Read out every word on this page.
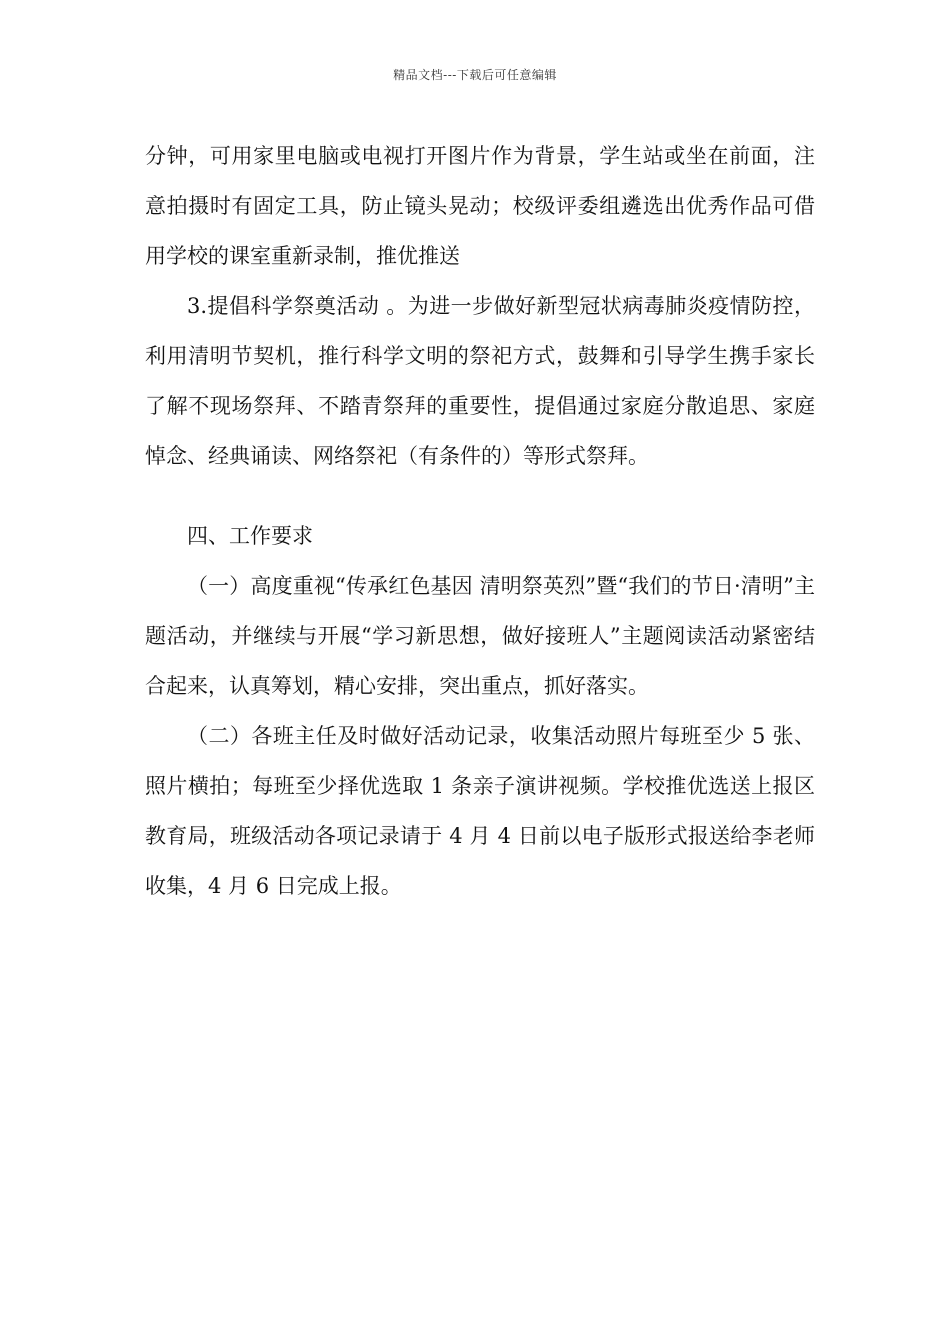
精品文档---下载后可任意编辑

分钟，可用家里电脑或电视打开图片作为背景，学生站或坐在前面，注意拍摄时有固定工具，防止镜头晃动；校级评委组遴选出优秀作品可借用学校的课室重新录制，推优推送

3.提倡科学祭奠活动 。为进一步做好新型冠状病毒肺炎疫情防控，利用清明节契机，推行科学文明的祭祀方式，鼓舞和引导学生携手家长了解不现场祭拜、不踏青祭拜的重要性，提倡通过家庭分散追思、家庭悼念、经典诵读、网络祭祀（有条件的）等形式祭拜。

四、工作要求

（一）高度重视“传承红色基因 清明祭英烈”暨“我们的节日·清明”主题活动，并继续与开展“学习新思想，做好接班人”主题阅读活动紧密结合起来，认真筹划，精心安排，突出重点，抓好落实。

（二）各班主任及时做好活动记录，收集活动照片每班至少 5 张、照片横拍；每班至少择优选取 1 条亲子演讲视频。学校推优选送上报区教育局，班级活动各项记录请于 4 月 4 日前以电子版形式报送给李老师收集，4 月 6 日完成上报。
